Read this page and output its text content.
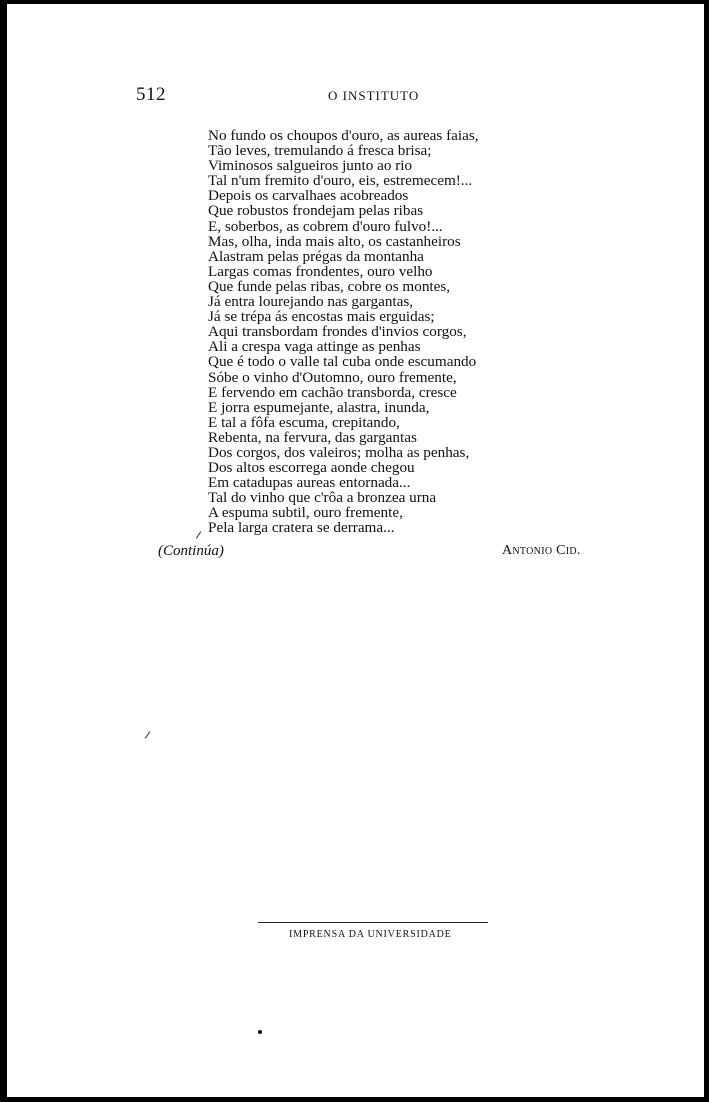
512	O INSTITUTO
No fundo os choupos d'ouro, as aureas faias,
Tão leves, tremulando á fresca brisa;
Viminosos salgueiros junto ao rio
Tal n'um fremito d'ouro, eis, estremecem!...
Depois os carvalhaes acobreados
Que robustos frondejam pelas ribas
E, soberbos, as cobrem d'ouro fulvo!...
Mas, olha, inda mais alto, os castanheiros
Alastram pelas prégas da montanha
Largas comas frondentes, ouro velho
Que funde pelas ribas, cobre os montes,
Já entra lourejando nas gargantas,
Já se trépa ás encostas mais erguidas;
Aqui transbordam frondes d'invios corgos,
Ali a crespa vaga attinge as penhas
Que é todo o valle tal cuba onde escumando
Sóbe o vinho d'Outomno, ouro fremente,
E fervendo em cachão transborda, cresce
E jorra espumejante, alastra, inunda,
E tal a fôfa escuma, crepitando,
Rebenta, na fervura, das gargantas
Dos corgos, dos valeiros; molha as penhas,
Dos altos escorrega aonde chegou
Em catadupas aureas entornada...
Tal do vinho que c'rôa a bronzea urna
A espuma subtil, ouro fremente,
Pela larga cratera se derrama...
(Continúa)	Antonio Cid.
IMPRENSA DA UNIVERSIDADE
